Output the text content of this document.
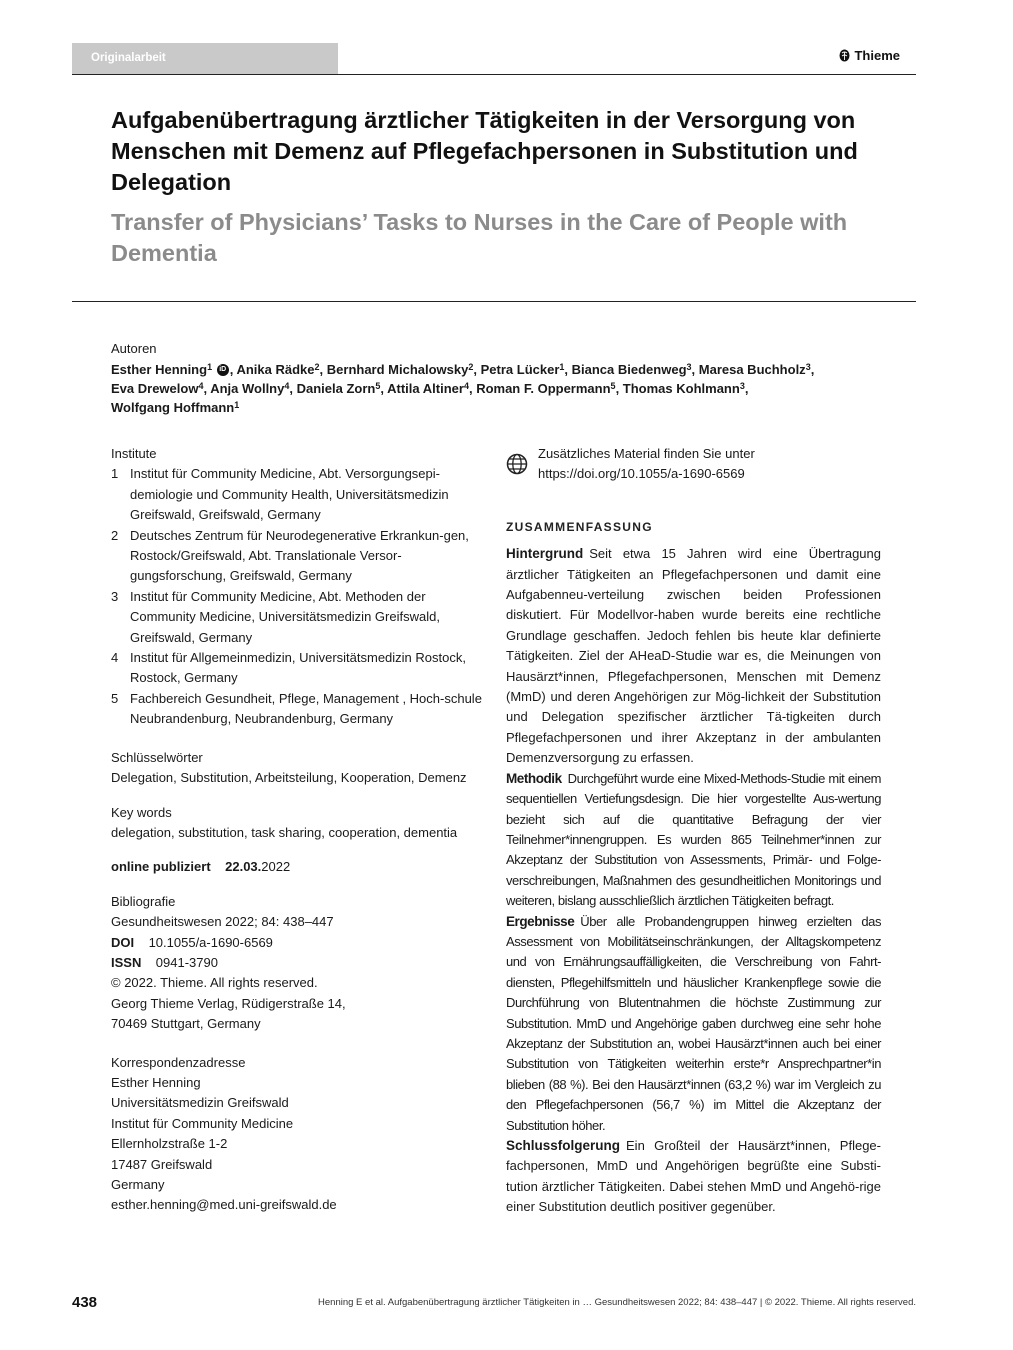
Originalarbeit	Thieme
Aufgabenübertragung ärztlicher Tätigkeiten in der Versorgung von Menschen mit Demenz auf Pflegefachpersonen in Substitution und Delegation
Transfer of Physicians’ Tasks to Nurses in the Care of People with Dementia
Autoren
Esther Henning$^1$ iD , Anika Rädke$^2$, Bernhard Michalowsky$^2$, Petra Lücker$^1$, Bianca Biedenweg$^3$, Maresa Buchholz$^3$,
Eva Drewelow$^4$, Anja Wollny$^4$, Daniela Zorn$^5$, Attila Altiner$^4$, Roman F. Oppermann$^5$, Thomas Kohlmann$^3$,
Wolfgang Hoffmann$^1$
Institute
1 Institut für Community Medicine, Abt. Versorgungsepi-demiologie und Community Health, Universitätsmedizin Greifswald, Greifswald, Germany
2 Deutsches Zentrum für Neurodegenerative Erkrankun-gen, Rostock/Greifswald, Abt. Translationale Versor-gungsforschung, Greifswald, Germany
3 Institut für Community Medicine, Abt. Methoden der Community Medicine, Universitätsmedizin Greifswald, Greifswald, Germany
4 Institut für Allgemeinmedizin, Universitätsmedizin Rostock, Rostock, Germany
5 Fachbereich Gesundheit, Pflege, Management , Hoch-schule Neubrandenburg, Neubrandenburg, Germany
Schlüsselwörter
Delegation, Substitution, Arbeitsteilung, Kooperation, Demenz
Key words
delegation, substitution, task sharing, cooperation, dementia
online publiziert 22.03.2022
Bibliografie
Gesundheitswesen 2022; 84: 438–447
DOI 10.1055/a-1690-6569
ISSN 0941-3790
© 2022. Thieme. All rights reserved.
Georg Thieme Verlag, Rüdigerstraße 14,
70469 Stuttgart, Germany
Korrespondenzadresse
Esther Henning
Universitätsmedizin Greifswald
Institut für Community Medicine
Ellernholzstraße 1-2
17487 Greifswald
Germany
esther.henning@med.uni-greifswald.de
Zusätzliches Material finden Sie unter https://doi.org/10.1055/a-1690-6569
ZUSAMMENFASSUNG

Hintergrund Seit etwa 15 Jahren wird eine Übertragung ärztlicher Tätigkeiten an Pflegefachpersonen und damit eine Aufgabenneu-verteilung zwischen beiden Professionen diskutiert. Für Modellvor-haben wurde bereits eine rechtliche Grundlage geschaffen. Jedoch fehlen bis heute klar definierte Tätigkeiten. Ziel der AHeaD-Studie war es, die Meinungen von Hausärzt*innen, Pflegefachpersonen, Menschen mit Demenz (MmD) und deren Angehörigen zur Mög-lichkeit der Substitution und Delegation spezifischer ärztlicher Tä-tigkeiten durch Pflegefachpersonen und ihrer Akzeptanz in der ambulanten Demenzversorgung zu erfassen.

Methodik Durchgeführt wurde eine Mixed-Methods-Studie mit einem sequentiellen Vertiefungsdesign. Die hier vorgestellte Aus-wertung bezieht sich auf die quantitative Befragung der vier Teilnehmer*innengruppen. Es wurden 865 Teilnehmer*innen zur Akzeptanz der Substitution von Assessments, Primär- und Folge-verschreibungen, Maßnahmen des gesundheitlichen Monitorings und weiteren, bislang ausschließlich ärztlichen Tätigkeiten befragt.

Ergebnisse Über alle Probandengruppen hinweg erzielten das Assessment von Mobilitätseinschränkungen, der Alltagskompetenz und von Ernährungsauffälligkeiten, die Verschreibung von Fahrt-diensten, Pflegehilfsmitteln und häuslicher Krankenpflege sowie die Durchführung von Blutentnahmen die höchste Zustimmung zur Substitution. MmD und Angehörige gaben durchweg eine sehr hohe Akzeptanz der Substitution an, wobei Hausärzt*innen auch bei einer Substitution von Tätigkeiten weiterhin erste*r Ansprechpartner*in blieben (88 %). Bei den Hausärzt*innen (63,2 %) war im Vergleich zu den Pflegefachpersonen (56,7 %) im Mittel die Akzeptanz der Substitution höher.

Schlussfolgerung Ein Großteil der Hausärzt*innen, Pflege-fachpersonen, MmD und Angehörigen begrüßte eine Substi-tution ärztlicher Tätigkeiten. Dabei stehen MmD und Angehö-rige einer Substitution deutlich positiver gegenüber.

438	Henning E et al. Aufgabenübertragung ärztlicher Tätigkeiten in … Gesundheitswesen 2022; 84: 438–447 | © 2022. Thieme. All rights reserved.
